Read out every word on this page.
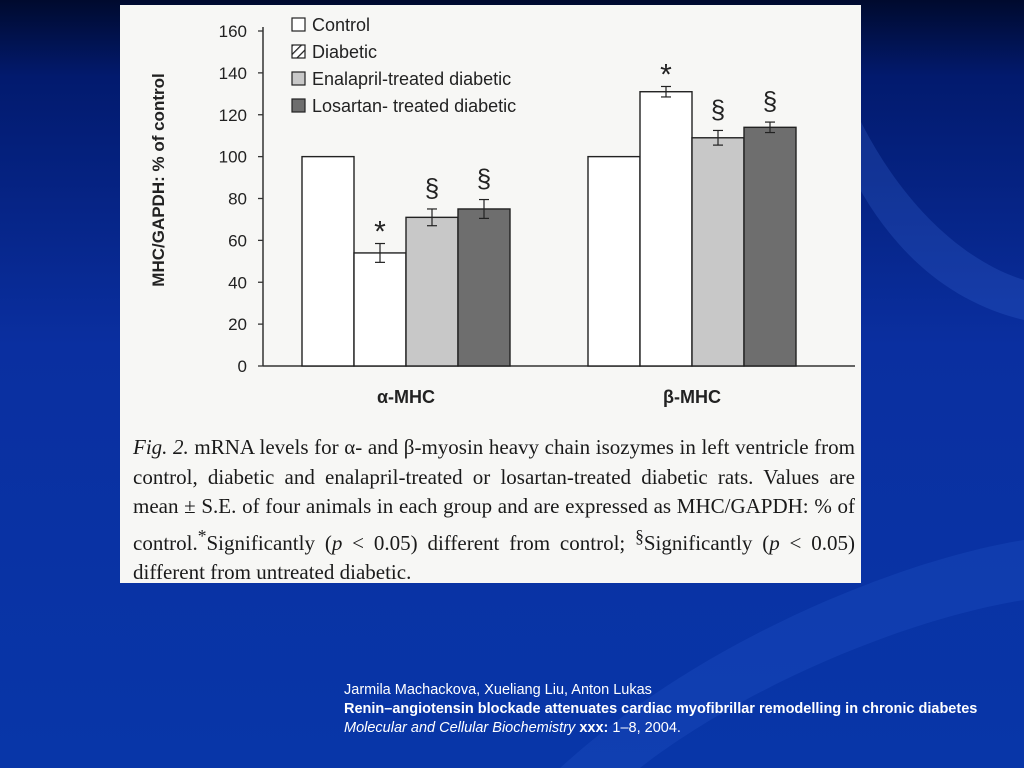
0
20
40
60
80
100
120
140
160
MHC/GAPDH: % of control	*
§ §
*
§ §
α-MHC	β-MHC
Control
Diabetic
Enalapril-treated diabetic
Losartan- treated diabetic
Fig. 2. mRNA levels for α- and β-myosin heavy chain isozymes in left ventricle from control, diabetic and enalapril-treated or losartan-treated diabetic rats. Values are mean ± S.E. of four animals in each group and are expressed as MHC/GAPDH: % of control.*Significantly (p < 0.05) different from control; §Significantly (p < 0.05) different from untreated diabetic.
Jarmila Machackova, Xueliang Liu, Anton Lukas

Renin–angiotensin blockade attenuates cardiac myofibrillar remodelling in chronic diabetes
Molecular and Cellular Biochemistry xxx: 1–8, 2004.
